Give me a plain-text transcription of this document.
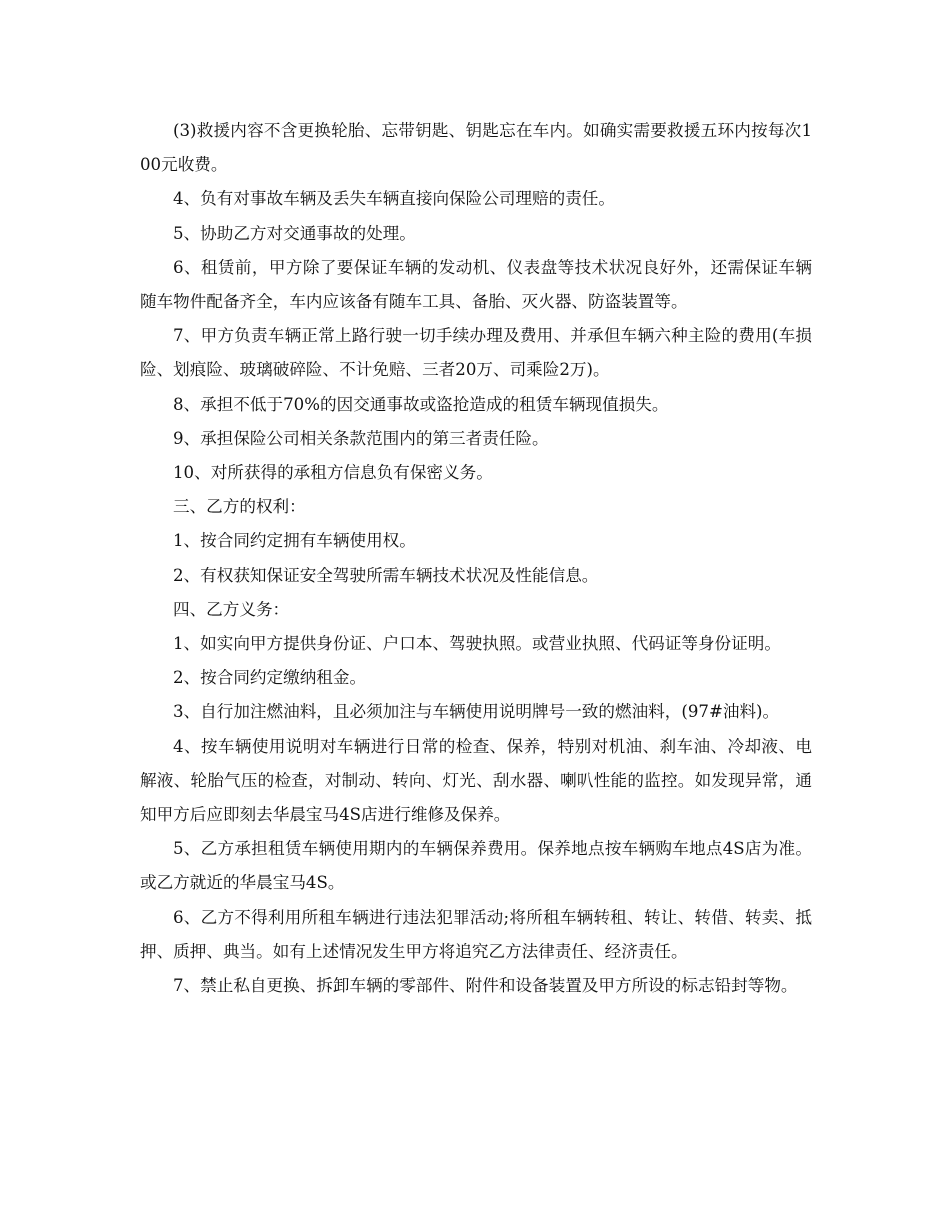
(3)救援内容不含更换轮胎、忘带钥匙、钥匙忘在车内。如确实需要救援五环内按每次100元收费。

4、负有对事故车辆及丢失车辆直接向保险公司理赔的责任。

5、协助乙方对交通事故的处理。

6、租赁前，甲方除了要保证车辆的发动机、仪表盘等技术状况良好外，还需保证车辆随车物件配备齐全，车内应该备有随车工具、备胎、灭火器、防盗装置等。

7、甲方负责车辆正常上路行驶一切手续办理及费用、并承但车辆六种主险的费用(车损险、划痕险、玻璃破碎险、不计免赔、三者20万、司乘险2万)。

8、承担不低于70%的因交通事故或盗抢造成的租赁车辆现值损失。

9、承担保险公司相关条款范围内的第三者责任险。

10、对所获得的承租方信息负有保密义务。

三、乙方的权利：

1、按合同约定拥有车辆使用权。

2、有权获知保证安全驾驶所需车辆技术状况及性能信息。

四、乙方义务：

1、如实向甲方提供身份证、户口本、驾驶执照。或营业执照、代码证等身份证明。

2、按合同约定缴纳租金。

3、自行加注燃油料，且必须加注与车辆使用说明牌号一致的燃油料，(97#油料)。

4、按车辆使用说明对车辆进行日常的检查、保养，特别对机油、刹车油、冷却液、电解液、轮胎气压的检查，对制动、转向、灯光、刮水器、喇叭性能的监控。如发现异常，通知甲方后应即刻去华晨宝马4S店进行维修及保养。

5、乙方承担租赁车辆使用期内的车辆保养费用。保养地点按车辆购车地点4S店为准。或乙方就近的华晨宝马4S。

6、乙方不得利用所租车辆进行违法犯罪活动;将所租车辆转租、转让、转借、转卖、抵押、质押、典当。如有上述情况发生甲方将追究乙方法律责任、经济责任。

7、禁止私自更换、拆卸车辆的零部件、附件和设备装置及甲方所设的标志铅封等物。
